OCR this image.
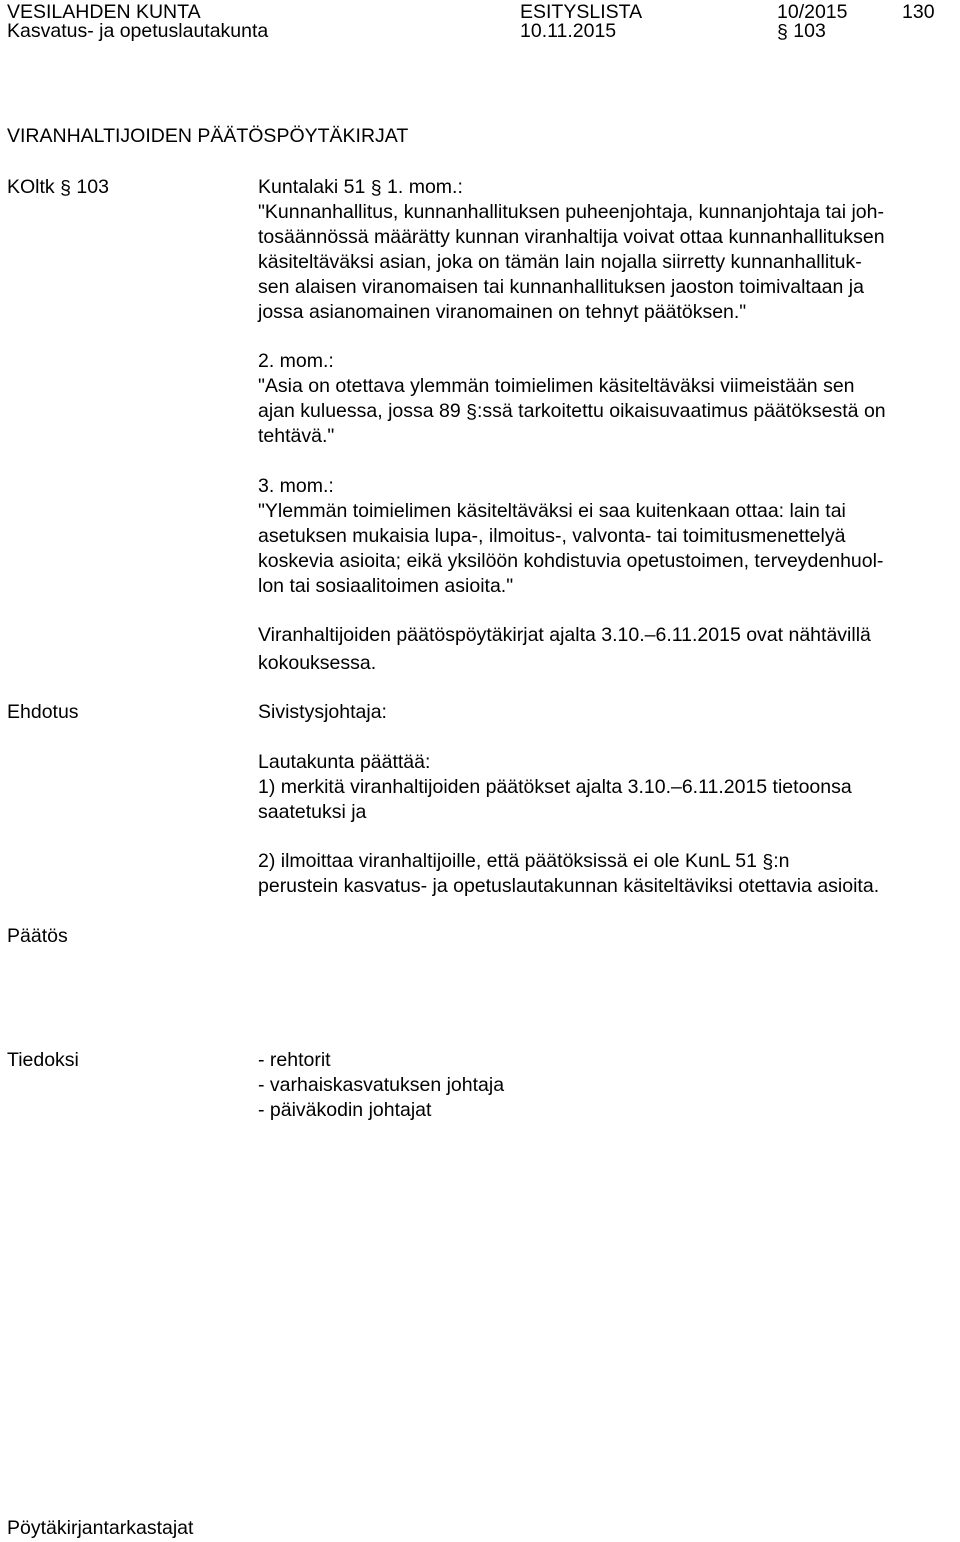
VESILAHDEN KUNTA	ESITYSLISTA	10/2015	130
Kasvatus- ja opetuslautakunta	10.11.2015	§ 103
VIRANHALTIJOIDEN PÄÄTÖSPÖYTÄKIRJAT
KOltk § 103	Kuntalaki 51 § 1. mom.:
"Kunnanhallitus, kunnanhallituksen puheenjohtaja, kunnanjohtaja tai joh-
tosäännössä määrätty kunnan viranhaltija voivat ottaa kunnanhallituksen
käsiteltäväksi asian, joka on tämän lain nojalla siirretty kunnanhallituk-
sen alaisen viranomaisen tai kunnanhallituksen jaoston toimivaltaan ja
jossa asianomainen viranomainen on tehnyt päätöksen."
2. mom.:
"Asia on otettava ylemmän toimielimen käsiteltäväksi viimeistään sen
ajan kuluessa, jossa 89 §:ssä tarkoitettu oikaisuvaatimus päätöksestä on
tehtävä."
3. mom.:
"Ylemmän toimielimen käsiteltäväksi ei saa kuitenkaan ottaa: lain tai
asetuksen mukaisia lupa-, ilmoitus-, valvonta- tai toimitusmenettelyä
koskevia asioita; eikä yksilöön kohdistuvia opetustoimen, terveydenhuol-
lon tai sosiaalitoimen asioita."
Viranhaltijoiden päätöspöytäkirjat ajalta 3.10.–6.11.2015 ovat nähtävillä
kokouksessa.
Ehdotus	Sivistysjohtaja:
Lautakunta päättää:
1) merkitä viranhaltijoiden päätökset ajalta 3.10.–6.11.2015 tietoonsa
saatetuksi ja
2) ilmoittaa viranhaltijoille, että päätöksissä ei ole KunL 51 §:n
perustein kasvatus- ja opetuslautakunnan käsiteltäviksi otettavia asioita.
Päätös
Tiedoksi	- rehtorit
- varhaiskasvatuksen johtaja
- päiväkodin johtajat
Pöytäkirjantarkastajat
